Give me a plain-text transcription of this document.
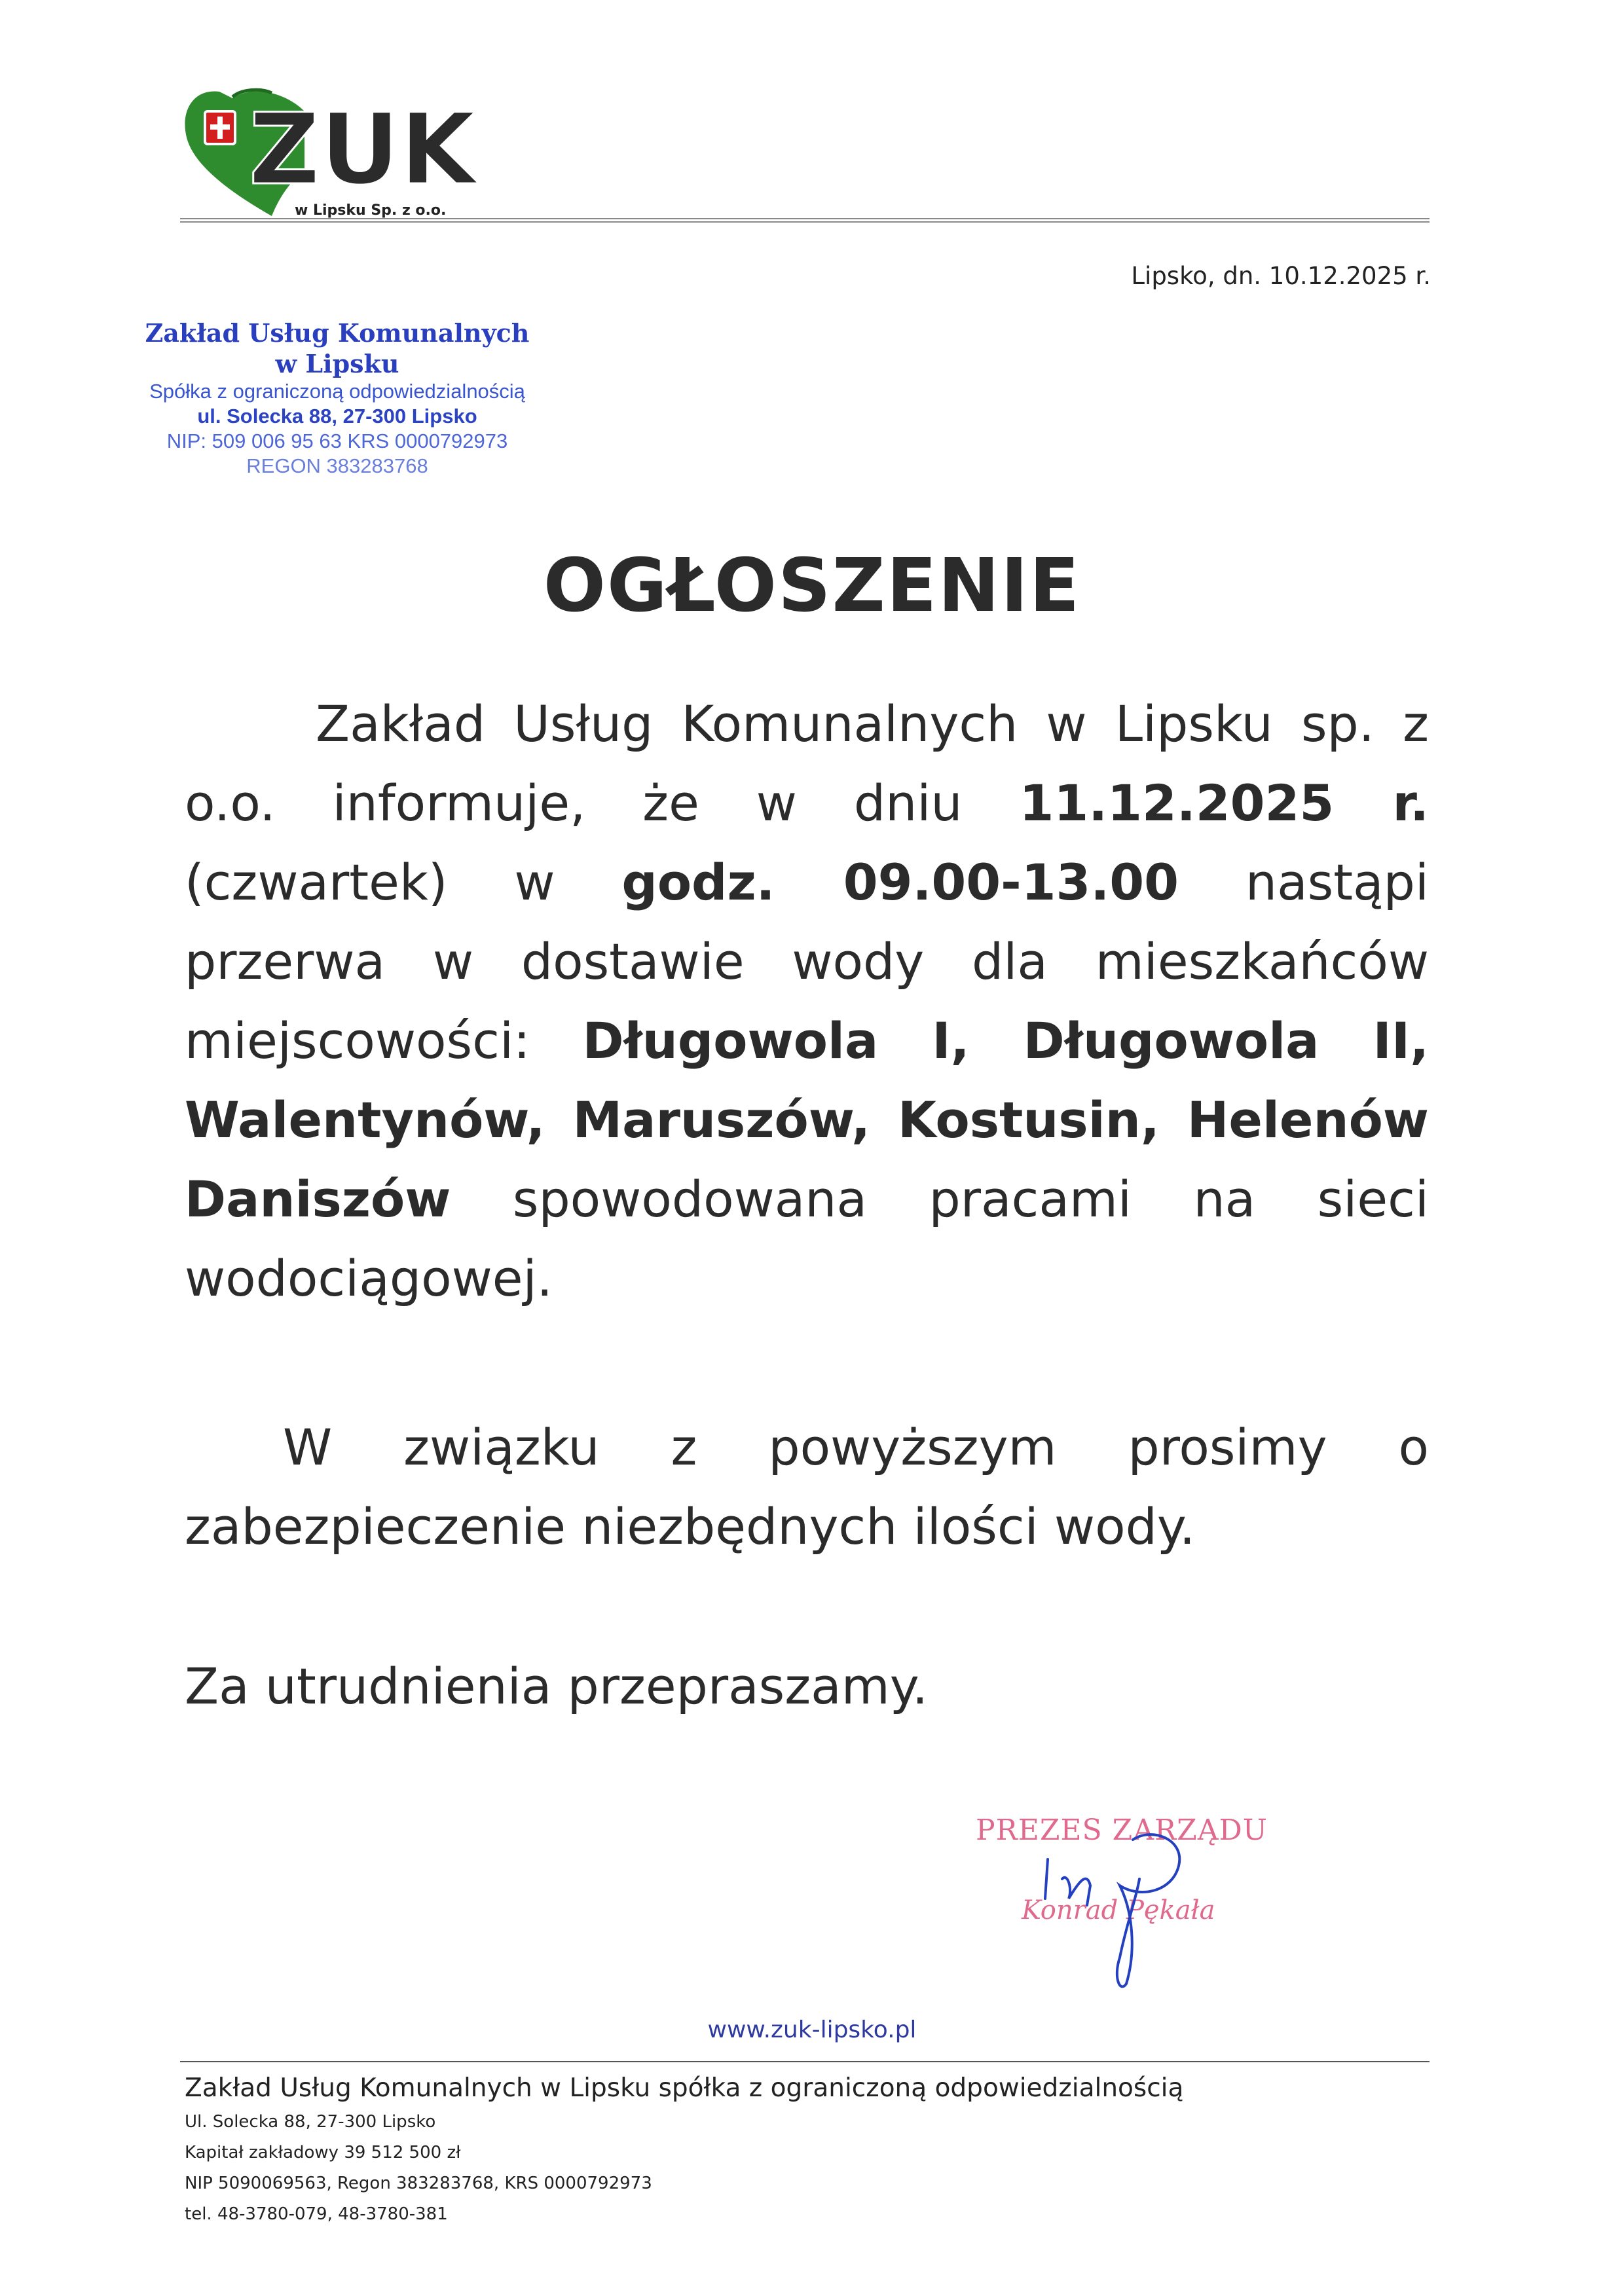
ZUK
w Lipsku Sp. z o.o.
Lipsko, dn. 10.12.2025 r.
Zakład Usług Komunalnych
w Lipsku
Spółka z ograniczoną odpowiedzialnością
ul. Solecka 88, 27-300 Lipsko
NIP: 509 006 95 63 KRS 0000792973
REGON 383283768
OGŁOSZENIE

Zakład Usług Komunalnych w Lipsku sp. z o.o. informuje, że w dniu 11.12.2025 r. (czwartek) w godz. 09.00-13.00 nastąpi przerwa w dostawie wody dla mieszkańców miejscowości: Długowola I, Długowola II, Walentynów, Maruszów, Kostusin, Helenów Daniszów spowodowana pracami na sieci wodociągowej.

W związku z powyższym prosimy o zabezpieczenie niezbędnych ilości wody.
Za utrudnienia przepraszamy.
PREZES ZARZĄDU
Konrad Pękała
www.zuk-lipsko.pl
Zakład Usług Komunalnych w Lipsku spółka z ograniczoną odpowiedzialnością
Ul. Solecka 88, 27-300 Lipsko
Kapitał zakładowy 39 512 500 zł
NIP 5090069563, Regon 383283768, KRS 0000792973
tel. 48-3780-079, 48-3780-381
